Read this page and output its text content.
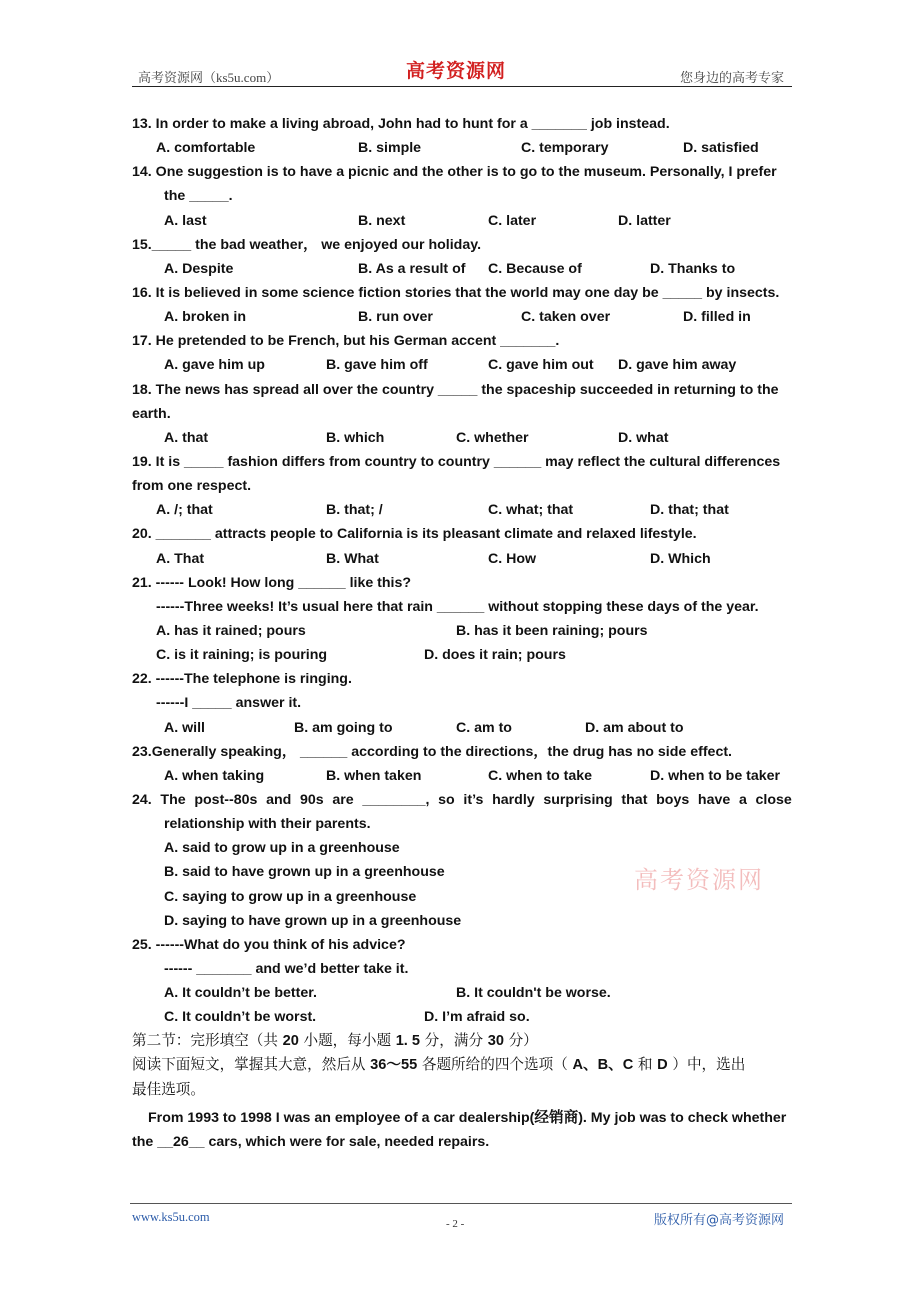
高考资源网（ks5u.com）	高考资源网	您身边的高考专家
13. In order to make a living abroad, John had to hunt for a _______ job instead.
A. comfortable	B. simple	C. temporary	D. satisfied
14. One suggestion is to have a picnic and the other is to go to the museum. Personally, I prefer
the _____.
A. last	B. next	C. later	D. latter
15._____ the bad weather， we enjoyed our holiday.
A. Despite	B. As a result of C. Because of	D. Thanks to
16. It is believed in some science fiction stories that the world may one day be _____ by insects.
A. broken in	B. run over	C. taken over	D. filled in
17. He pretended to be French, but his German accent _______.
A. gave him up	B. gave him off	C. gave him out D. gave him away
18. The news has spread all over the country _____ the spaceship succeeded in returning to the
earth.
A. that	B. which	C. whether	D. what
19. It is _____ fashion differs from country to country ______ may reflect the cultural differences
from one respect.
A. /; that	B. that; /	C. what; that	D. that; that
20. _______ attracts people to California is its pleasant climate and relaxed lifestyle.
A. That	B. What	C. How	D. Which
21. ------ Look! How long ______ like this?
------Three weeks! It’s usual here that rain ______ without stopping these days of the year.
A. has it rained; pours	B. has it been raining; pours
C. is it raining; is pouring	D. does it rain; pours
22. ------The telephone is ringing.
------I _____ answer it.
A. will	B. am going to	C. am to	D. am about to
23.Generally speaking， ______ according to the directions，the drug has no side effect.
A. when taking	B. when taken	C. when to take	D. when to be taker
24. The post--80s and 90s are ________, so it’s hardly surprising that boys have a close
relationship with their parents.
A. said to grow up in a greenhouse
B. said to have grown up in a greenhouse
C. saying to grow up in a greenhouse
D. saying to have grown up in a greenhouse
25. ------What do you think of his advice?
------ _______ and we’d better take it.
A. It couldn’t be better.	B. It couldn't be worse.
C. It couldn’t be worst.	D. I’m afraid so.
第二节：完形填空（共 20 小题，每小题 1. 5 分，满分 30 分）
阅读下面短文，掌握其大意，然后从 36～55 各题所给的四个选项（ A、B、C 和 D ）中，选出
最佳选项。
From 1993 to 1998 I was an employee of a car dealership(经销商). My job was to check whether
the __26__ cars, which were for sale, needed repairs.
高考资源网
www.ks5u.com	- 2 -	版权所有@高考资源网
